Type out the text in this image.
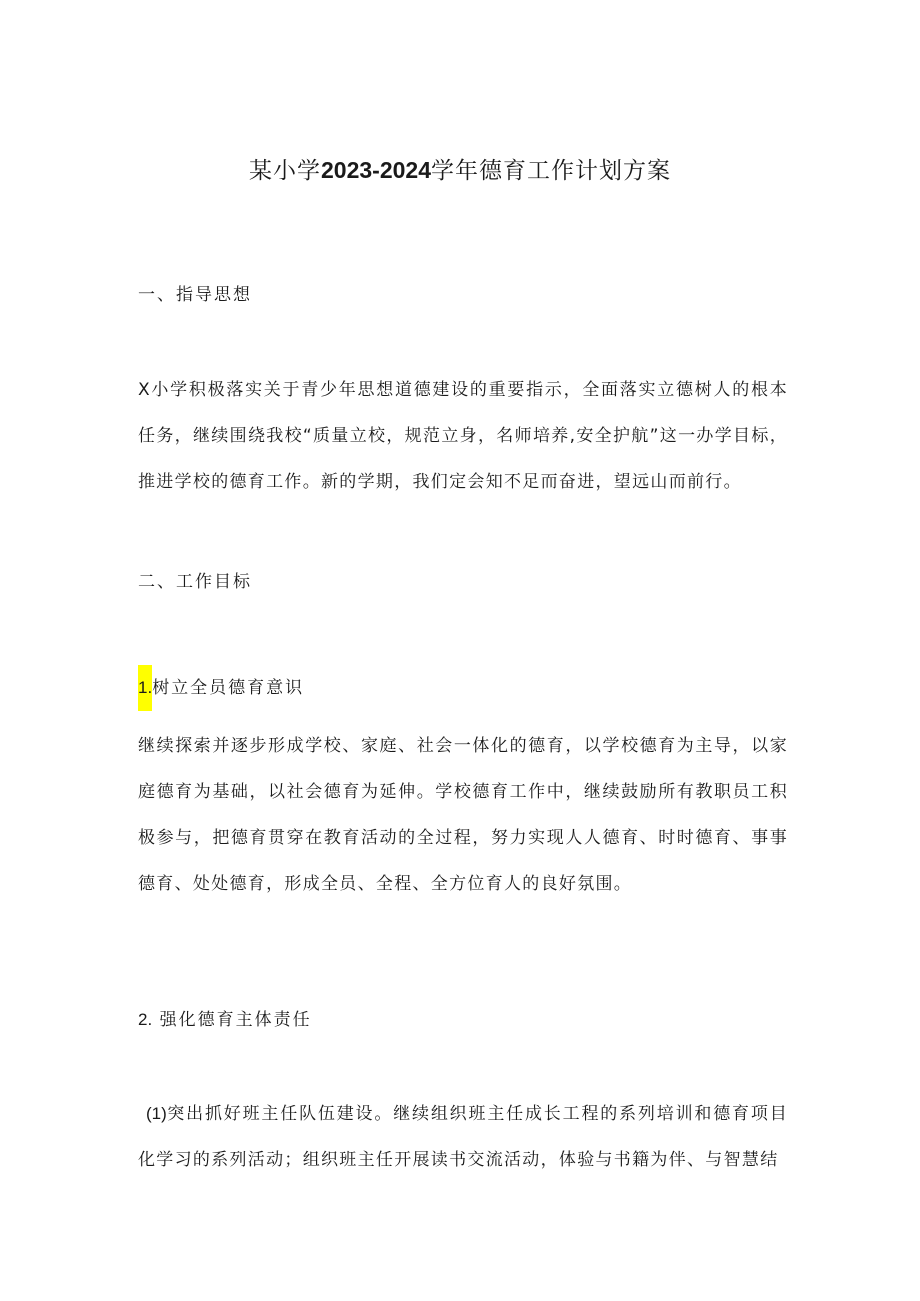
某小学2023-2024学年德育工作计划方案
一、指导思想
X小学积极落实关于青少年思想道德建设的重要指示，全面落实立德树人的根本任务，继续围绕我校“质量立校，规范立身，名师培养,安全护航”这一办学目标，推进学校的德育工作。新的学期，我们定会知不足而奋进，望远山而前行。
二、工作目标
1.树立全员德育意识
继续探索并逐步形成学校、家庭、社会一体化的德育，以学校德育为主导，以家庭德育为基础，以社会德育为延伸。学校德育工作中，继续鼓励所有教职员工积极参与，把德育贯穿在教育活动的全过程，努力实现人人德育、时时德育、事事德育、处处德育，形成全员、全程、全方位育人的良好氛围。
2. 强化德育主体责任
(1)突出抓好班主任队伍建设。继续组织班主任成长工程的系列培训和德育项目化学习的系列活动；组织班主任开展读书交流活动，体验与书籍为伴、与智慧结
